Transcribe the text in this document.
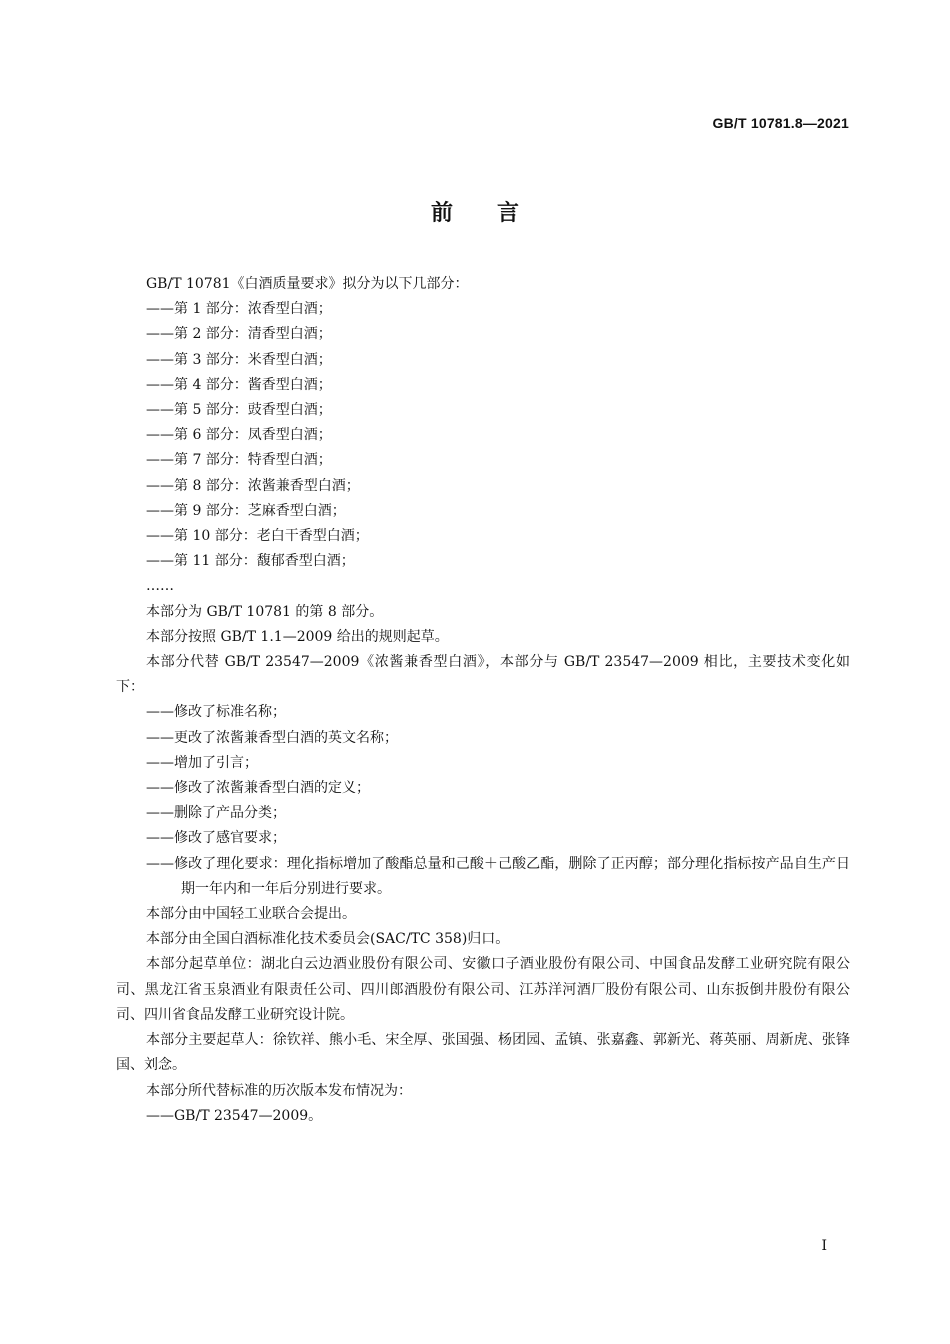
GB/T 10781.8—2021
前言

GB/T 10781《白酒质量要求》拟分为以下几部分：

——第 1 部分：浓香型白酒；

——第 2 部分：清香型白酒；

——第 3 部分：米香型白酒；

——第 4 部分：酱香型白酒；

——第 5 部分：豉香型白酒；

——第 6 部分：凤香型白酒；

——第 7 部分：特香型白酒；

——第 8 部分：浓酱兼香型白酒；

——第 9 部分：芝麻香型白酒；

——第 10 部分：老白干香型白酒；

——第 11 部分：馥郁香型白酒；

……

本部分为 GB/T 10781 的第 8 部分。

本部分按照 GB/T 1.1—2009 给出的规则起草。

本部分代替 GB/T 23547—2009《浓酱兼香型白酒》，本部分与 GB/T 23547—2009 相比，主要技术变化如下：

——修改了标准名称；

——更改了浓酱兼香型白酒的英文名称；

——增加了引言；

——修改了浓酱兼香型白酒的定义；

——删除了产品分类；

——修改了感官要求；

——修改了理化要求：理化指标增加了酸酯总量和己酸＋己酸乙酯，删除了正丙醇；部分理化指标按产品自生产日期一年内和一年后分别进行要求。

本部分由中国轻工业联合会提出。

本部分由全国白酒标准化技术委员会(SAC/TC 358)归口。

本部分起草单位：湖北白云边酒业股份有限公司、安徽口子酒业股份有限公司、中国食品发酵工业研究院有限公司、黑龙江省玉泉酒业有限责任公司、四川郎酒股份有限公司、江苏洋河酒厂股份有限公司、山东扳倒井股份有限公司、四川省食品发酵工业研究设计院。

本部分主要起草人：徐钦祥、熊小毛、宋全厚、张国强、杨团园、孟镇、张嘉鑫、郭新光、蒋英丽、周新虎、张锋国、刘念。

本部分所代替标准的历次版本发布情况为：

——GB/T 23547—2009。

Ⅰ
